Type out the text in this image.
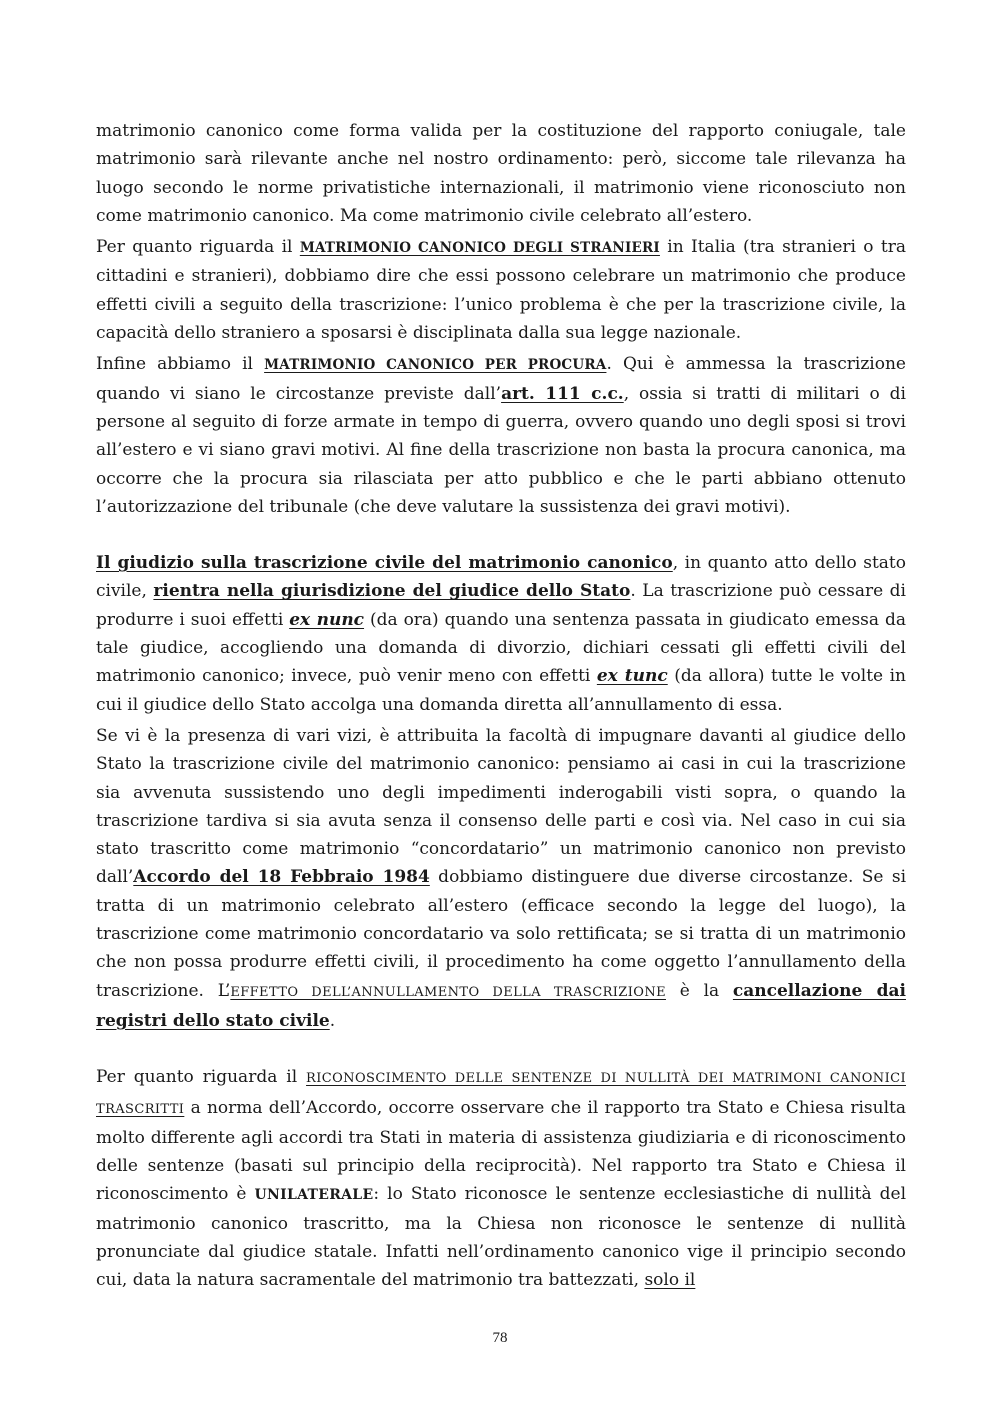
matrimonio canonico come forma valida per la costituzione del rapporto coniugale, tale matrimonio sarà rilevante anche nel nostro ordinamento: però, siccome tale rilevanza ha luogo secondo le norme privatistiche internazionali, il matrimonio viene riconosciuto non come matrimonio canonico. Ma come matrimonio civile celebrato all’estero.

Per quanto riguarda il MATRIMONIO CANONICO DEGLI STRANIERI in Italia (tra stranieri o tra cittadini e stranieri), dobbiamo dire che essi possono celebrare un matrimonio che produce effetti civili a seguito della trascrizione: l’unico problema è che per la trascrizione civile, la capacità dello straniero a sposarsi è disciplinata dalla sua legge nazionale.

Infine abbiamo il MATRIMONIO CANONICO PER PROCURA. Qui è ammessa la trascrizione quando vi siano le circostanze previste dall’art. 111 c.c., ossia si tratti di militari o di persone al seguito di forze armate in tempo di guerra, ovvero quando uno degli sposi si trovi all’estero e vi siano gravi motivi. Al fine della trascrizione non basta la procura canonica, ma occorre che la procura sia rilasciata per atto pubblico e che le parti abbiano ottenuto l’autorizzazione del tribunale (che deve valutare la sussistenza dei gravi motivi).

Il giudizio sulla trascrizione civile del matrimonio canonico, in quanto atto dello stato civile, rientra nella giurisdizione del giudice dello Stato. La trascrizione può cessare di produrre i suoi effetti ex nunc (da ora) quando una sentenza passata in giudicato emessa da tale giudice, accogliendo una domanda di divorzio, dichiari cessati gli effetti civili del matrimonio canonico; invece, può venir meno con effetti ex tunc (da allora) tutte le volte in cui il giudice dello Stato accolga una domanda diretta all’annullamento di essa.

Se vi è la presenza di vari vizi, è attribuita la facoltà di impugnare davanti al giudice dello Stato la trascrizione civile del matrimonio canonico: pensiamo ai casi in cui la trascrizione sia avvenuta sussistendo uno degli impedimenti inderogabili visti sopra, o quando la trascrizione tardiva si sia avuta senza il consenso delle parti e così via. Nel caso in cui sia stato trascritto come matrimonio “concordatario” un matrimonio canonico non previsto dall’Accordo del 18 Febbraio 1984 dobbiamo distinguere due diverse circostanze. Se si tratta di un matrimonio celebrato all’estero (efficace secondo la legge del luogo), la trascrizione come matrimonio concordatario va solo rettificata; se si tratta di un matrimonio che non possa produrre effetti civili, il procedimento ha come oggetto l’annullamento della trascrizione. L’EFFETTO DELL’ANNULLAMENTO DELLA TRASCRIZIONE è la cancellazione dai registri dello stato civile.

Per quanto riguarda il RICONOSCIMENTO DELLE SENTENZE DI NULLITÀ DEI MATRIMONI CANONICI TRASCRITTI a norma dell’Accordo, occorre osservare che il rapporto tra Stato e Chiesa risulta molto differente agli accordi tra Stati in materia di assistenza giudiziaria e di riconoscimento delle sentenze (basati sul principio della reciprocità). Nel rapporto tra Stato e Chiesa il riconoscimento è UNILATERALE: lo Stato riconosce le sentenze ecclesiastiche di nullità del matrimonio canonico trascritto, ma la Chiesa non riconosce le sentenze di nullità pronunciate dal giudice statale. Infatti nell’ordinamento canonico vige il principio secondo cui, data la natura sacramentale del matrimonio tra battezzati, solo il

78
